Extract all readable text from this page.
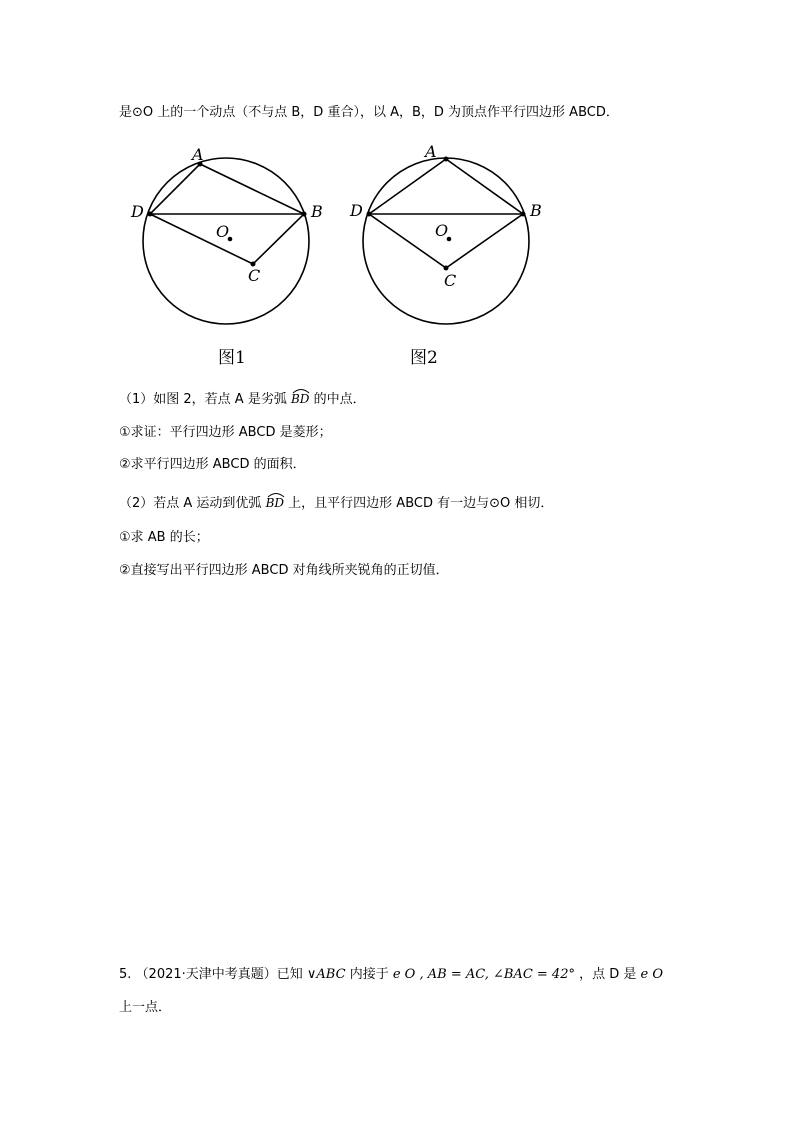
是⊙O 上的一个动点（不与点 B，D 重合），以 A，B，D 为顶点作平行四边形 ABCD．
A
B
C
D
O
图1
A
B
C
D
O
图2
（1）如图 2，若点 A 是劣弧 BD 的中点．
①求证：平行四边形 ABCD 是菱形；
②求平行四边形 ABCD 的面积．
（2）若点 A 运动到优弧 BD 上，且平行四边形 ABCD 有一边与⊙O 相切．
①求 AB 的长；
②直接写出平行四边形 ABCD 对角线所夹锐角的正切值．
5. （2021·天津中考真题）已知 ∨ABC 内接于 e O , AB = AC, ∠BAC = 42° ，点 D 是 e O
上一点．
